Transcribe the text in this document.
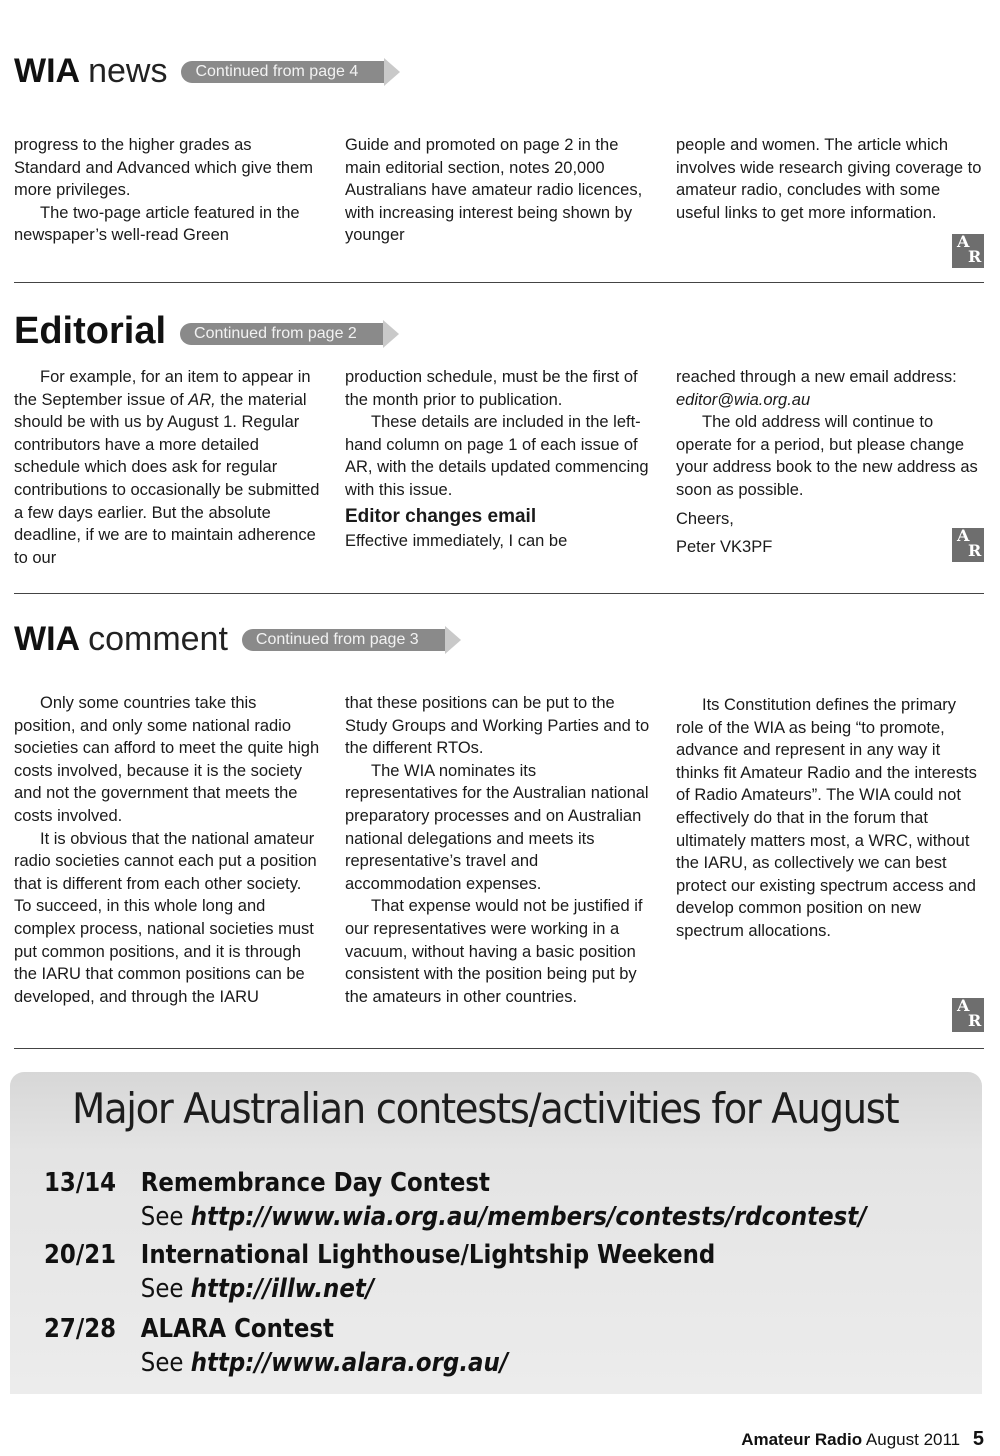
WIA news	Continued from page 4

progress to the higher grades as Standard and Advanced which give them more privileges.

The two-page article featured in the newspaper’s well-read Green

Guide and promoted on page 2 in the main editorial section, notes 20,000 Australians have amateur radio licences, with increasing interest being shown by younger

people and women. The article which involves wide research giving coverage to amateur radio, concludes with some useful links to get more information.

A
R
Editorial	Continued from page 2

For example, for an item to appear in the September issue of AR, the material should be with us by August 1. Regular contributors have a more detailed schedule which does ask for regular contributions to occasionally be submitted a few days earlier. But the absolute deadline, if we are to maintain adherence to our

production schedule, must be the first of the month prior to publication.

These details are included in the left-hand column on page 1 of each issue of AR, with the details updated commencing with this issue.

Editor changes email

Effective immediately, I can be

reached through a new email address: editor@wia.org.au

The old address will continue to operate for a period, but please change your address book to the new address as soon as possible.

Cheers,

Peter VK3PF

A
R
WIA comment	Continued from page 3

Only some countries take this position, and only some national radio societies can afford to meet the quite high costs involved, because it is the society and not the government that meets the costs involved.

It is obvious that the national amateur radio societies cannot each put a position that is different from each other society. To succeed, in this whole long and complex process, national societies must put common positions, and it is through the IARU that common positions can be developed, and through the IARU

that these positions can be put to the Study Groups and Working Parties and to the different RTOs.

The WIA nominates its representatives for the Australian national preparatory processes and on Australian national delegations and meets its representative’s travel and accommodation expenses.

That expense would not be justified if our representatives were working in a vacuum, without having a basic position consistent with the position being put by the amateurs in other countries.

Its Constitution defines the primary role of the WIA as being “to promote, advance and represent in any way it thinks fit Amateur Radio and the interests of Radio Amateurs”. The WIA could not effectively do that in the forum that ultimately matters most, a WRC, without the IARU, as collectively we can best protect our existing spectrum access and develop common position on new spectrum allocations.

A
R
Major Australian contests/activities for August
13/14 Remembrance Day Contest
See http://www.wia.org.au/members/contests/rdcontest/
20/21 International Lighthouse/Lightship Weekend
See http://illw.net/
27/28 ALARA Contest
See http://www.alara.org.au/
Amateur Radio August 2011 5
